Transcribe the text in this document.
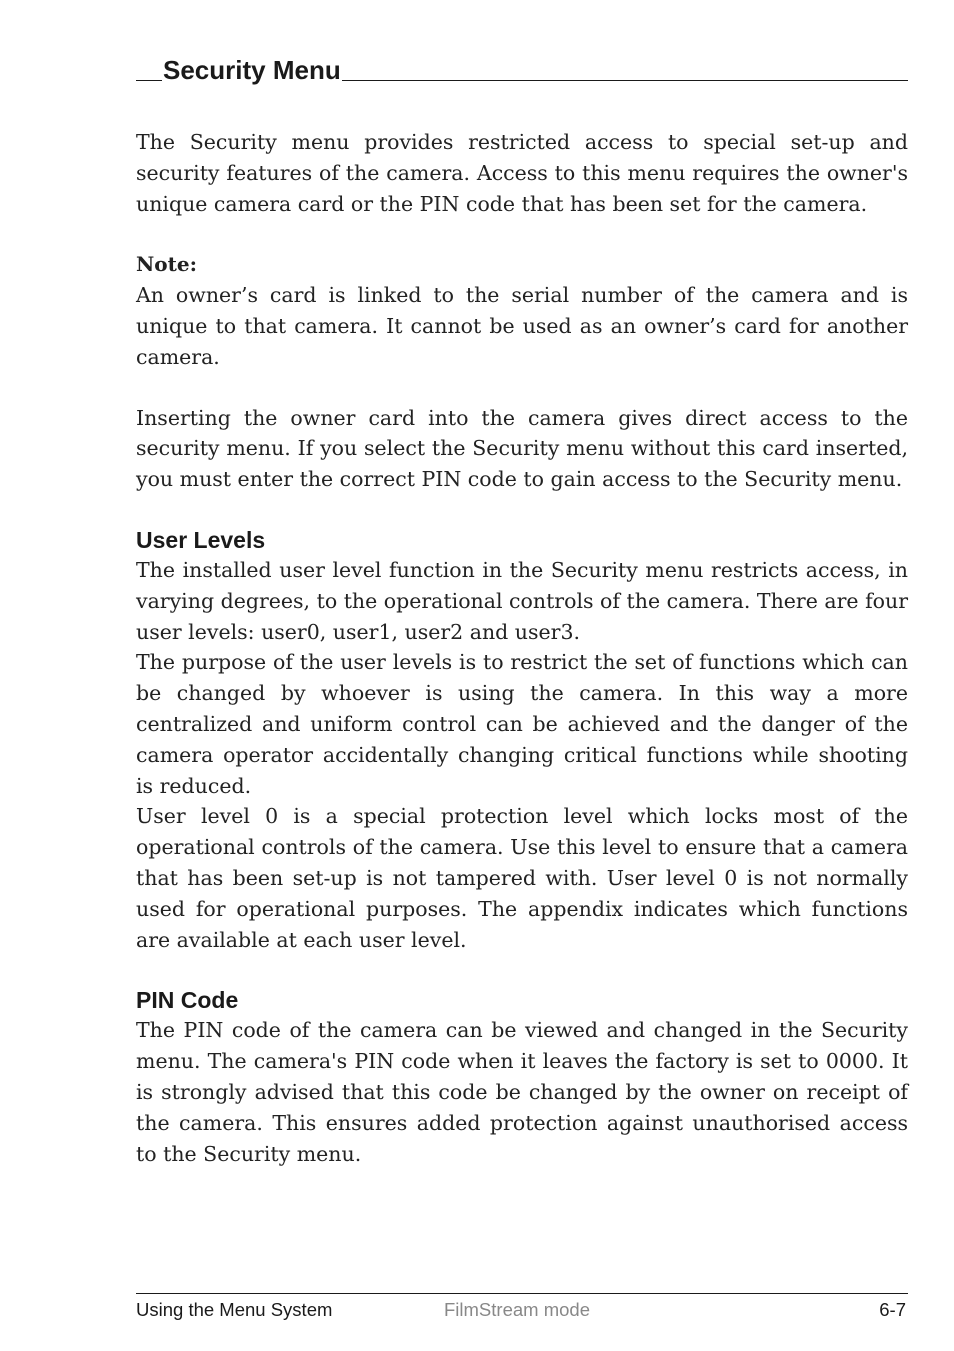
Security Menu

The Security menu provides restricted access to special set-up and security features of the camera. Access to this menu requires the owner's unique camera card or the PIN code that has been set for the camera.

Note:

An owner’s card is linked to the serial number of the camera and is unique to that camera. It cannot be used as an owner’s card for another camera.

Inserting the owner card into the camera gives direct access to the security menu. If you select the Security menu without this card inserted, you must enter the correct PIN code to gain access to the Security menu.

User Levels

The installed user level function in the Security menu restricts access, in varying degrees, to the operational controls of the camera. There are four user levels: user0, user1, user2 and user3.

The purpose of the user levels is to restrict the set of functions which can be changed by whoever is using the camera. In this way a more centralized and uniform control can be achieved and the danger of the camera operator accidentally changing critical functions while shooting is reduced.

User level 0 is a special protection level which locks most of the operational controls of the camera. Use this level to ensure that a camera that has been set-up is not tampered with. User level 0 is not normally used for operational purposes. The appendix indicates which functions are available at each user level.

PIN Code

The PIN code of the camera can be viewed and changed in the Security menu. The camera's PIN code when it leaves the factory is set to 0000. It is strongly advised that this code be changed by the owner on receipt of the camera. This ensures added protection against unauthorised access to the Security menu.

Using the Menu System	FilmStream mode	6-7
